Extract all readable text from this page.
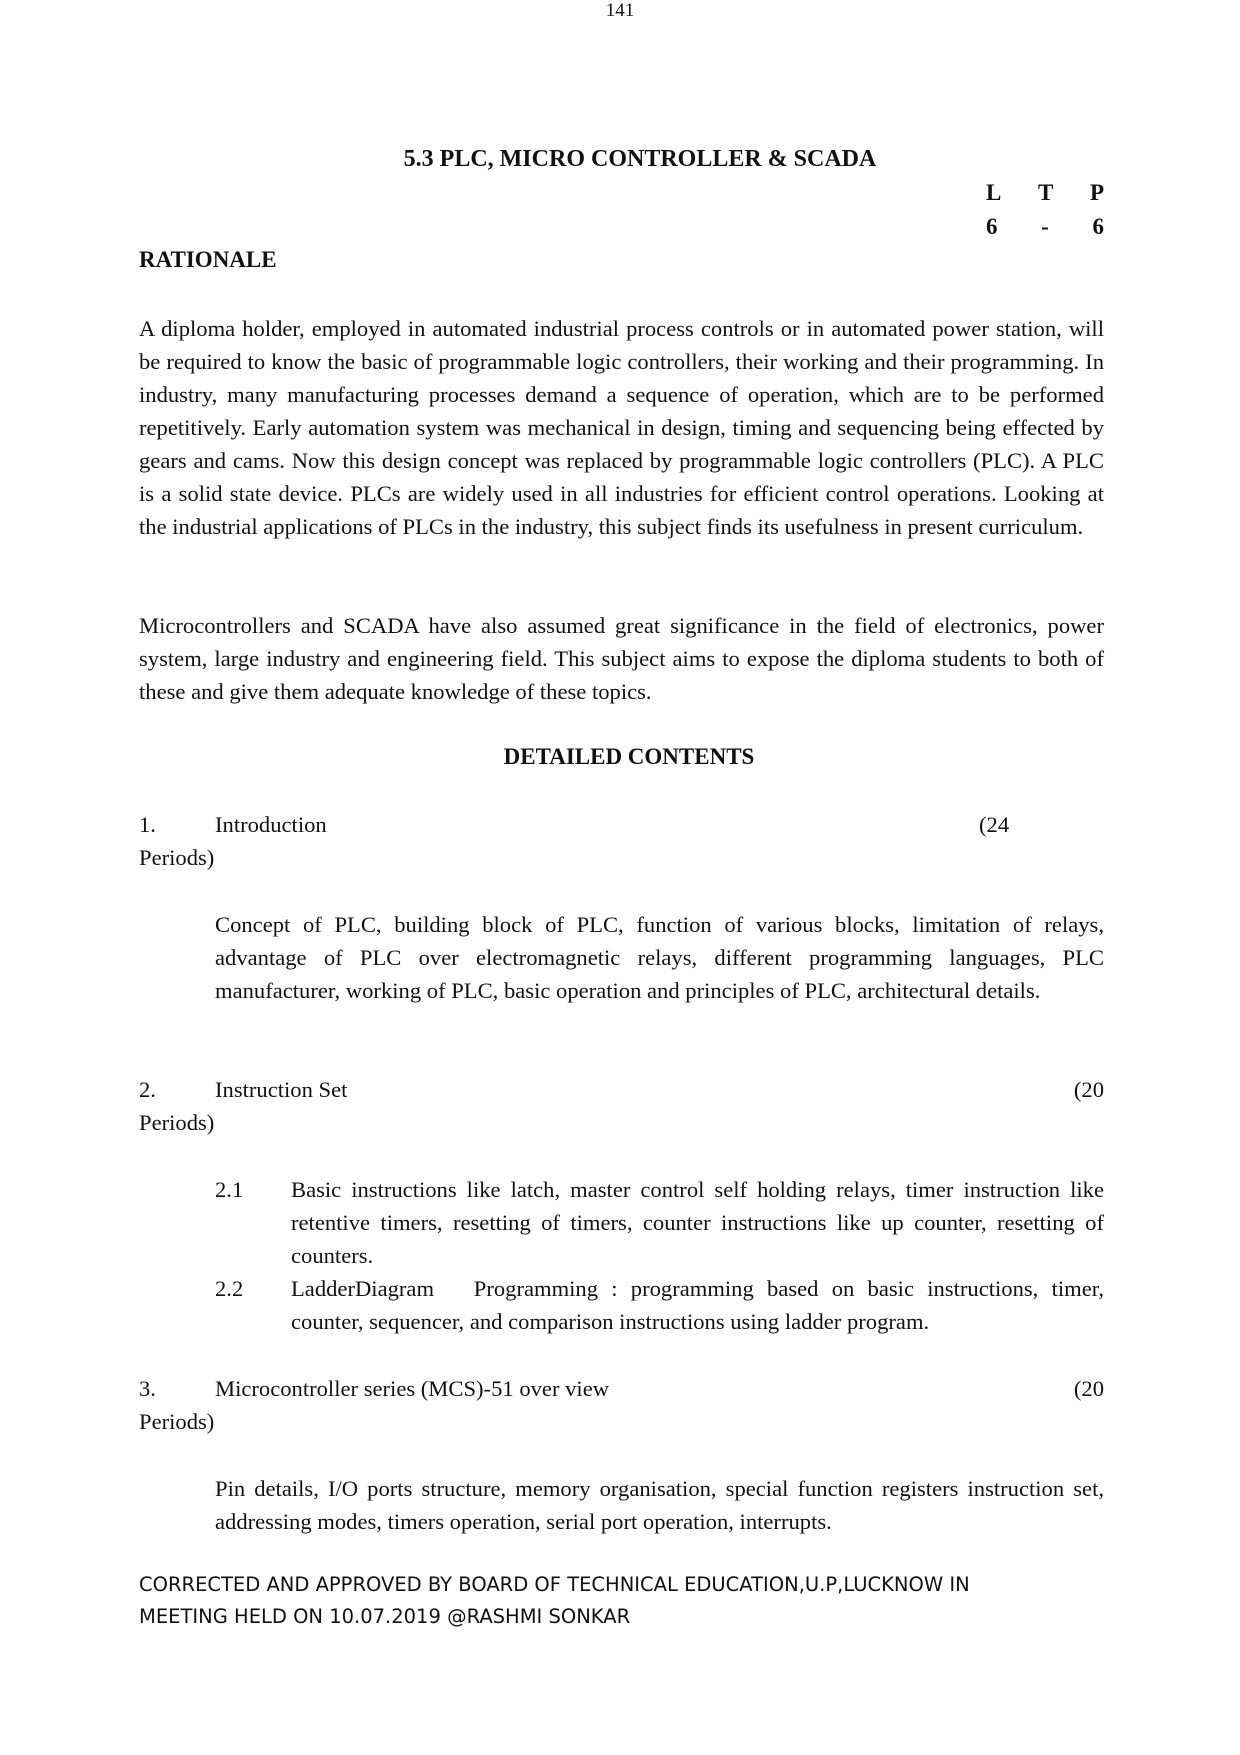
141
5.3 PLC, MICRO CONTROLLER & SCADA
L T P
6 - 6
RATIONALE
A diploma holder, employed in automated industrial process controls or in automated power station, will be required to know the basic of programmable logic controllers, their working and their programming. In industry, many manufacturing processes demand a sequence of operation, which are to be performed repetitively. Early automation system was mechanical in design, timing and sequencing being effected by gears and cams. Now this design concept was replaced by programmable logic controllers (PLC). A PLC is a solid state device. PLCs are widely used in all industries for efficient control operations. Looking at the industrial applications of PLCs in the industry, this subject finds its usefulness in present curriculum.
Microcontrollers and SCADA have also assumed great significance in the field of electronics, power system, large industry and engineering field. This subject aims to expose the diploma students to both of these and give them adequate knowledge of these topics.
DETAILED CONTENTS
1.	Introduction	(24
Periods)
Concept of PLC, building block of PLC, function of various blocks, limitation of relays,         advantage of PLC over electromagnetic relays, different programming languages, PLC manufacturer, working of PLC, basic operation and principles of PLC, architectural details.
2.	Instruction Set	(20
Periods)
2.1 Basic instructions like latch, master control self holding relays, timer instruction like retentive timers, resetting of timers, counter instructions like up counter, resetting of counters.
2.2 LadderDiagram   Programming : programming based on basic instructions, timer, counter, sequencer, and comparison instructions using ladder program.
3.	Microcontroller series (MCS)-51 over view	(20
Periods)
Pin details, I/O ports structure, memory organisation, special function registers instruction set, addressing modes, timers operation, serial port operation, interrupts.
CORRECTED AND APPROVED BY BOARD OF TECHNICAL EDUCATION,U.P,LUCKNOW IN
MEETING HELD ON 10.07.2019 @RASHMI SONKAR
